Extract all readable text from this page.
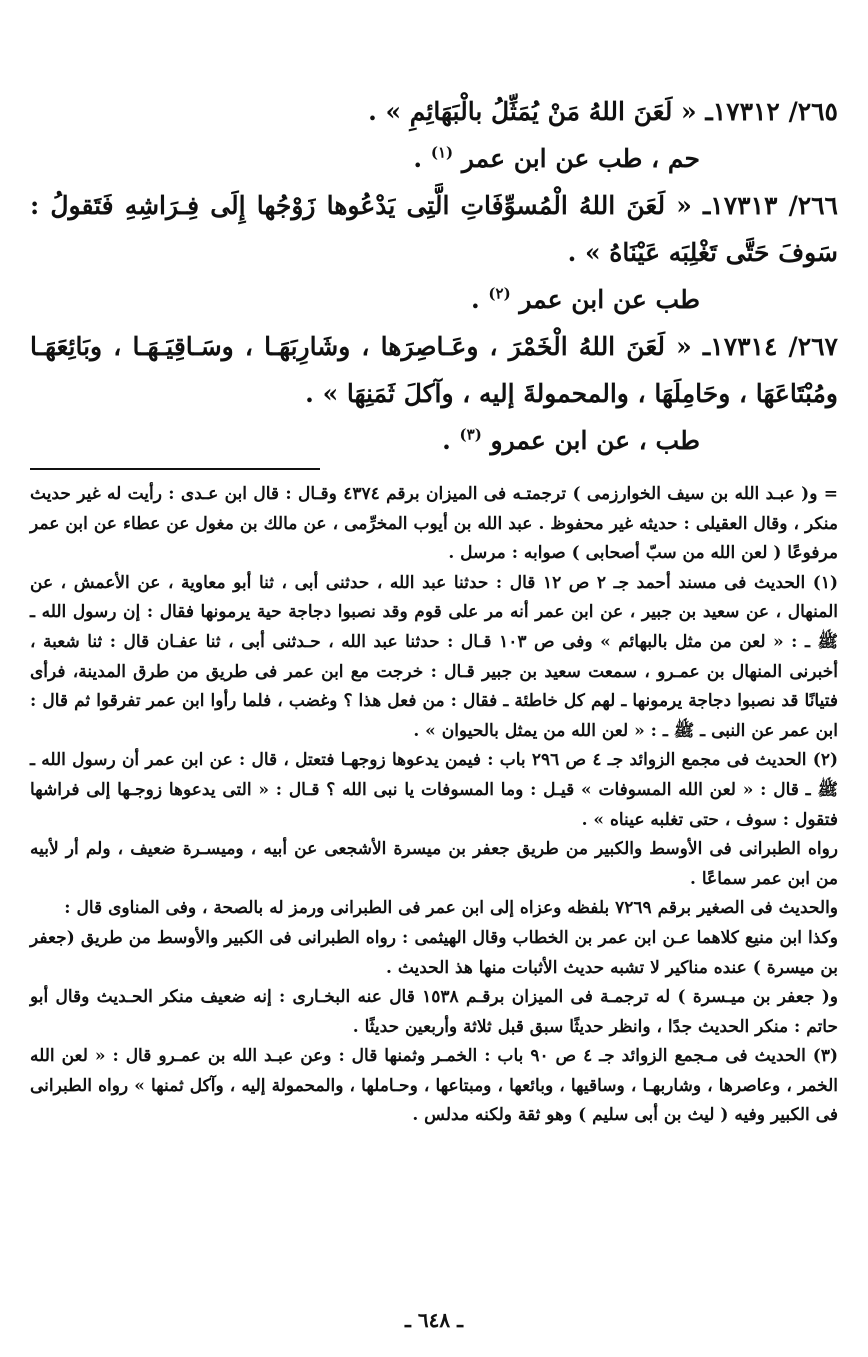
٢٦٥/ ١٧٣١٢ـ « لَعَنَ اللهُ مَنْ يُمَثِّلُ بالْبَهَائِمِ » .

حم ، طب عن ابن عمر $^{(١)}$ .

٢٦٦/ ١٧٣١٣ـ « لَعَنَ اللهُ الْمُسوِّفَاتِ الَّتِى يَدْعُوها زَوْجُها إِلَى فِـرَاشِهِ فَتَقولُ : سَوفَ حَتَّى تَغْلِبَه عَيْنَاهُ » .

طب عن ابن عمر $^{(٢)}$ .

٢٦٧/ ١٧٣١٤ـ « لَعَنَ اللهُ الْخَمْرَ ، وعَـاصِرَها ، وشَارِبَهَـا ، وسَـاقِيَـهَـا ، وبَائِعَهَـا ومُبْتَاعَهَا ، وحَامِلَهَا ، والمحمولةَ إليه ، وآكلَ ثَمَنِهَا » .

طب ، عن ابن عمرو $^{(٣)}$ .

= و( عبـد الله بن سيف الخوارزمى ) ترجمتـه فى الميزان برقم ٤٣٧٤ وقـال : قال ابن عـدى : رأيت له غير حديث منكر ، وقال العقيلى : حديثه غير محفوظ . عبد الله بن أيوب المخرِّمى ، عن مالك بن مغول عن عطاء عن ابن عمر مرفوعًا ( لعن الله من سبّ أصحابى ) صوابه : مرسل .

(١) الحديث فى مسند أحمد جـ ٢ ص ١٢ قال : حدثنا عبد الله ، حدثنى أبى ، ثنا أبو معاوية ، عن الأعمش ، عن المنهال ، عن سعيد بن جبير ، عن ابن عمر أنه مر على قوم وقد نصبوا دجاجة حية يرمونها فقال : إن رسول الله ـ ﷺ ـ : « لعن من مثل بالبهائم » وفى ص ١٠٣ قـال : حدثنا عبد الله ، حـدثنى أبى ، ثنا عفـان قال : ثنا شعبة ، أخبرنى المنهال بن عمـرو ، سمعت سعيد بن جبير قـال : خرجت مع ابن عمر فى طريق من طرق المدينة، فرأى فتيانًا قد نصبوا دجاجة يرمونها ـ لهم كل خاطئة ـ فقال : من فعل هذا ؟ وغضب ، فلما رأوا ابن عمر تفرقوا ثم قال : ابن عمر عن النبى ـ ﷺ ـ : « لعن الله من يمثل بالحيوان » .

(٢) الحديث فى مجمع الزوائد جـ ٤ ص ٢٩٦ باب : فيمن يدعوها زوجهـا فتعتل ، قال : عن ابن عمر أن رسول الله ـ ﷺ ـ قال : « لعن الله المسوفات » قيـل : وما المسوفات يا نبى الله ؟ قـال : « التى يدعوها زوجـها إلى فراشها فتقول : سوف ، حتى تغلبه عيناه » .

رواه الطبرانى فى الأوسط والكبير من طريق جعفر بن ميسرة الأشجعى عن أبيه ، وميسـرة ضعيف ، ولم أر لأبيه من ابن عمر سماعًا .

والحديث فى الصغير برقم ٧٢٦٩ بلفظه وعزاه إلى ابن عمر فى الطبرانى ورمز له بالصحة ، وفى المناوى قال :

وكذا ابن منيع كلاهما عـن ابن عمر بن الخطاب وقال الهيثمى : رواه الطبرانى فى الكبير والأوسط من طريق (جعفر بن ميسرة ) عنده مناكير لا تشبه حديث الأثبات منها هذ الحديث .

و( جعفر بن ميـسرة ) له ترجمـة فى الميزان برقـم ١٥٣٨ قال عنه البخـارى : إنه ضعيف منكر الحـديث وقال أبو حاتم : منكر الحديث جدًا ، وانظر حديثًا سبق قبل ثلاثة وأربعين حديثًا .

(٣) الحديث فى مـجمع الزوائد جـ ٤ ص ٩٠ باب : الخمـر وثمنها قال : وعن عبـد الله بن عمـرو قال : « لعن الله الخمر ، وعاصرها ، وشاربهـا ، وساقيها ، وبائعها ، ومبتاعها ، وحـاملها ، والمحمولة إليه ، وآكل ثمنها » رواه الطبرانى فى الكبير وفيه ( ليث بن أبى سليم ) وهو ثقة ولكنه مدلس .

ـ ٦٤٨ ـ
